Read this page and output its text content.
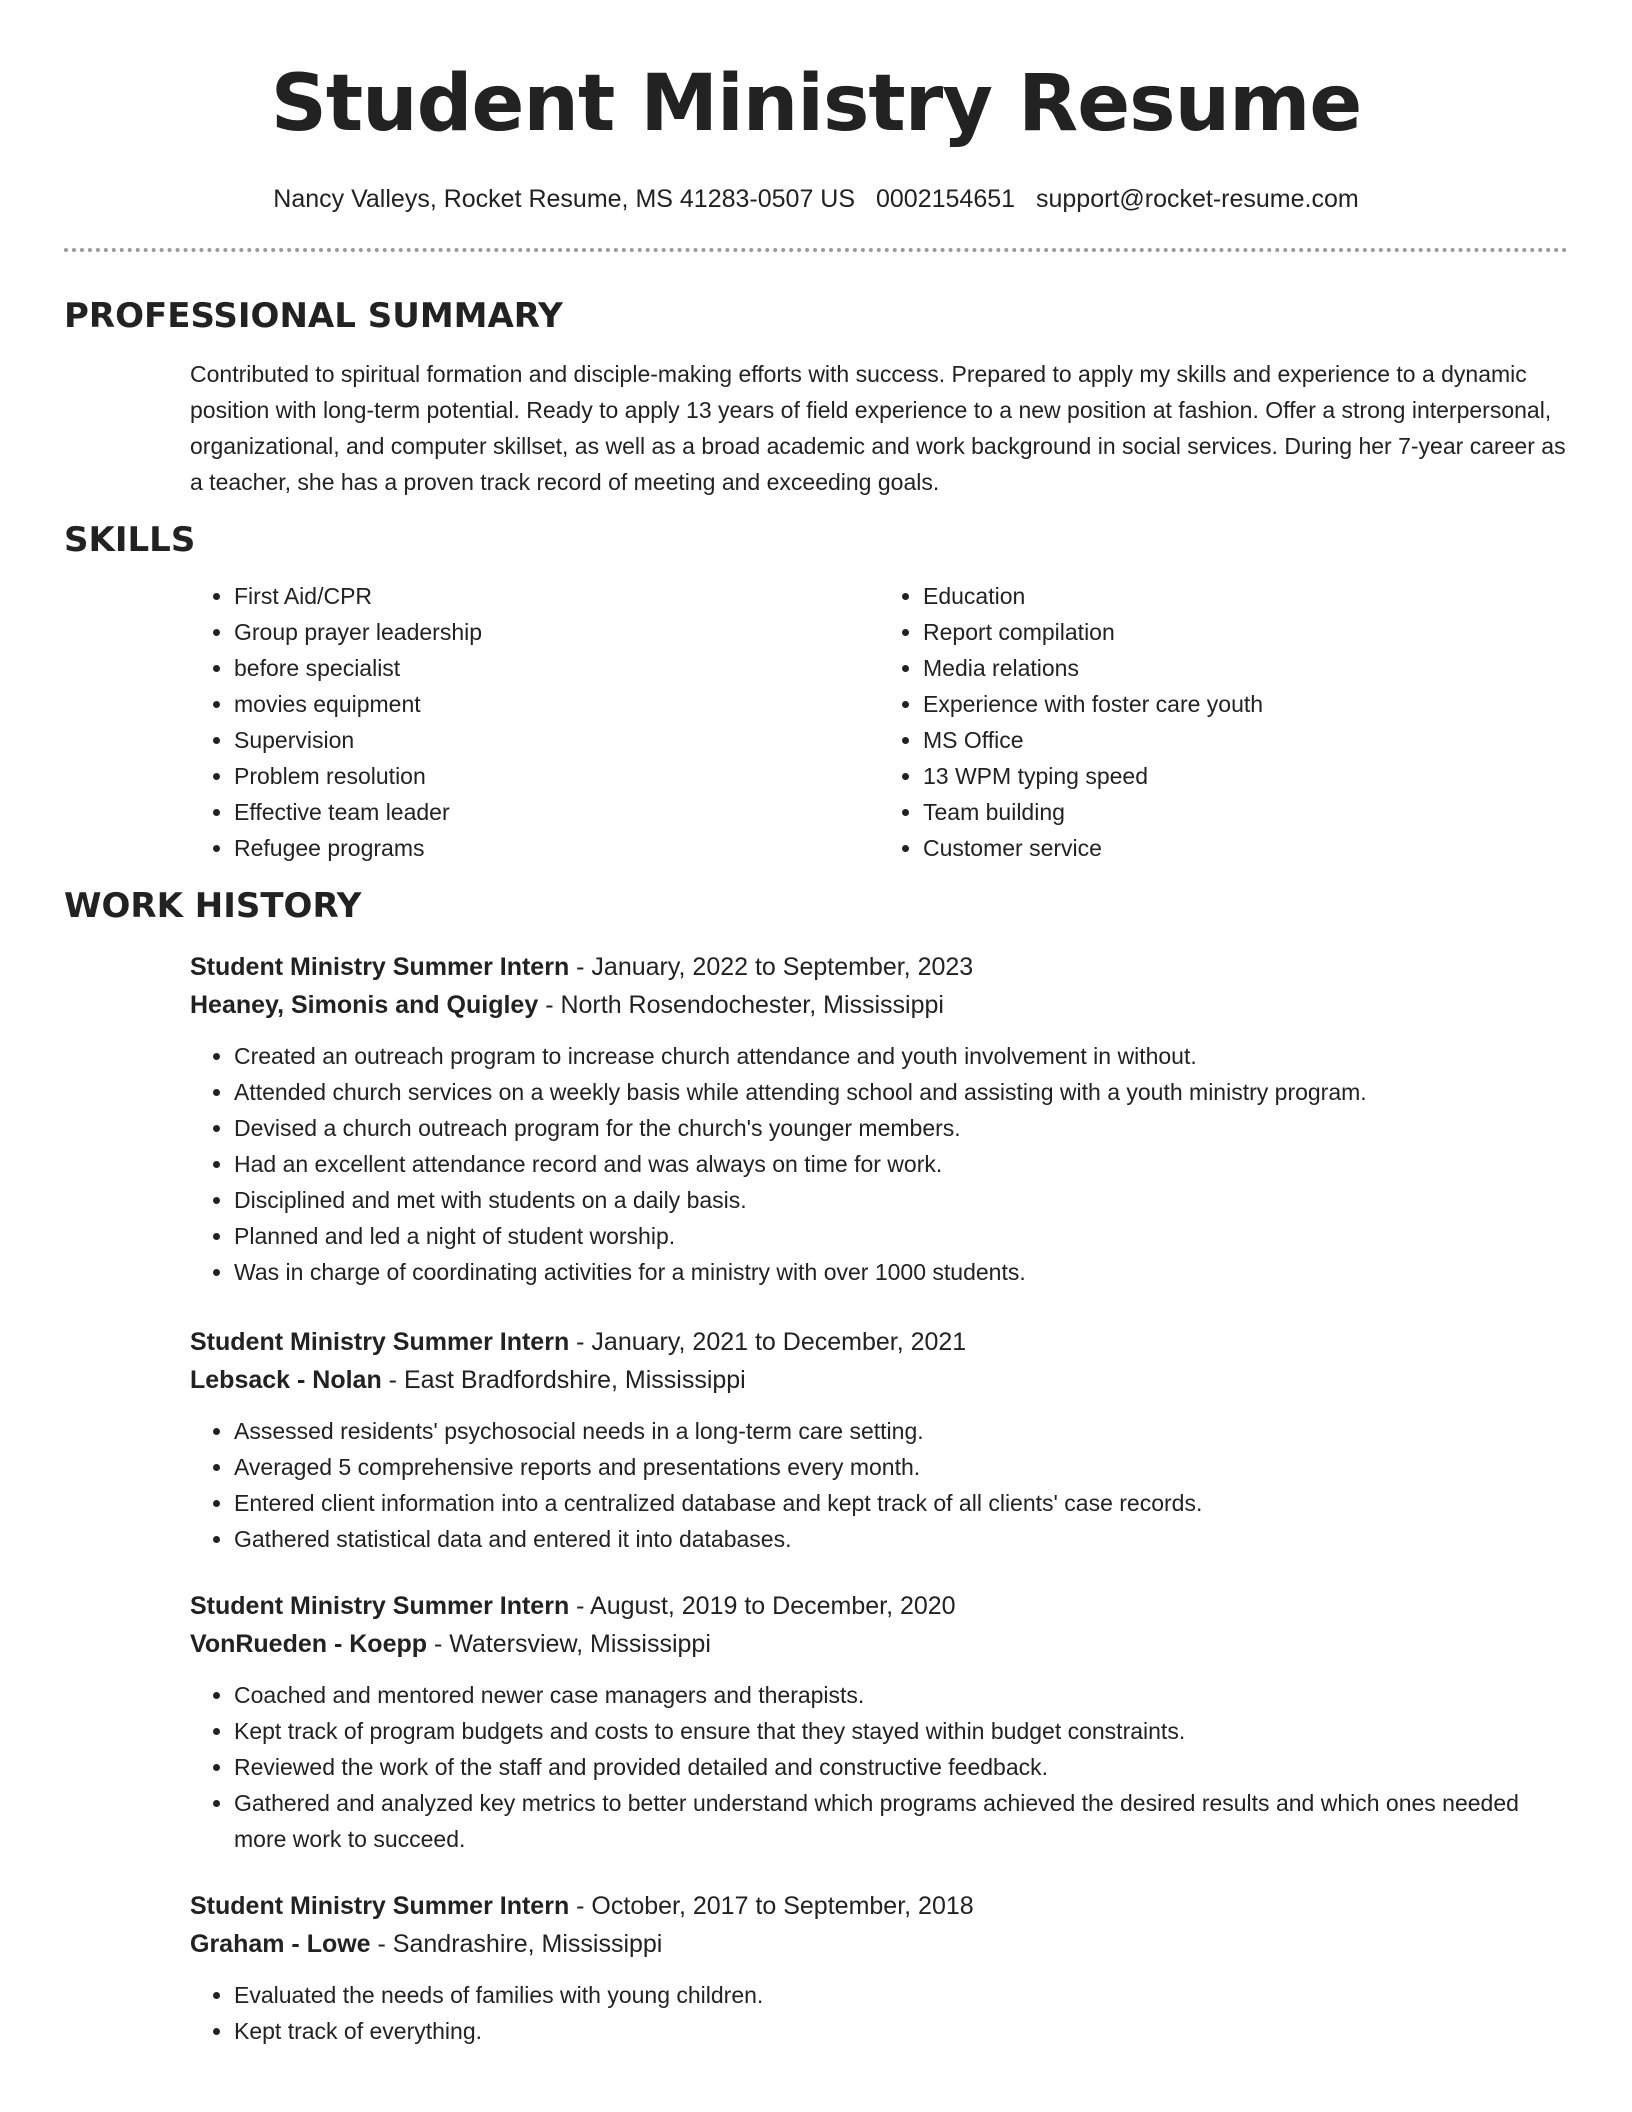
Student Ministry Resume
Nancy Valleys, Rocket Resume, MS 41283-0507 US 0002154651 support@rocket-resume.com
PROFESSIONAL SUMMARY

Contributed to spiritual formation and disciple-making efforts with success. Prepared to apply my skills and experience to a dynamic position with long-term potential. Ready to apply 13 years of field experience to a new position at fashion. Offer a strong interpersonal, organizational, and computer skillset, as well as a broad academic and work background in social services. During her 7-year career as a teacher, she has a proven track record of meeting and exceeding goals.

SKILLS
• First Aid/CPR
• Group prayer leadership
• before specialist
• movies equipment
• Supervision
• Problem resolution
• Effective team leader
• Refugee programs
• Education
• Report compilation
• Media relations
• Experience with foster care youth
• MS Office
• 13 WPM typing speed
• Team building
• Customer service
WORK HISTORY
Student Ministry Summer Intern - January, 2022 to September, 2023
Heaney, Simonis and Quigley - North Rosendochester, Mississippi
• Created an outreach program to increase church attendance and youth involvement in without.
• Attended church services on a weekly basis while attending school and assisting with a youth ministry program.
• Devised a church outreach program for the church's younger members.
• Had an excellent attendance record and was always on time for work.
• Disciplined and met with students on a daily basis.
• Planned and led a night of student worship.
• Was in charge of coordinating activities for a ministry with over 1000 students.
Student Ministry Summer Intern - January, 2021 to December, 2021
Lebsack - Nolan - East Bradfordshire, Mississippi
• Assessed residents' psychosocial needs in a long-term care setting.
• Averaged 5 comprehensive reports and presentations every month.
• Entered client information into a centralized database and kept track of all clients' case records.
• Gathered statistical data and entered it into databases.
Student Ministry Summer Intern - August, 2019 to December, 2020
VonRueden - Koepp - Watersview, Mississippi
• Coached and mentored newer case managers and therapists.
• Kept track of program budgets and costs to ensure that they stayed within budget constraints.
• Reviewed the work of the staff and provided detailed and constructive feedback.
• Gathered and analyzed key metrics to better understand which programs achieved the desired results and which ones needed more work to succeed.
Student Ministry Summer Intern - October, 2017 to September, 2018
Graham - Lowe - Sandrashire, Mississippi
• Evaluated the needs of families with young children.
• Kept track of everything.
